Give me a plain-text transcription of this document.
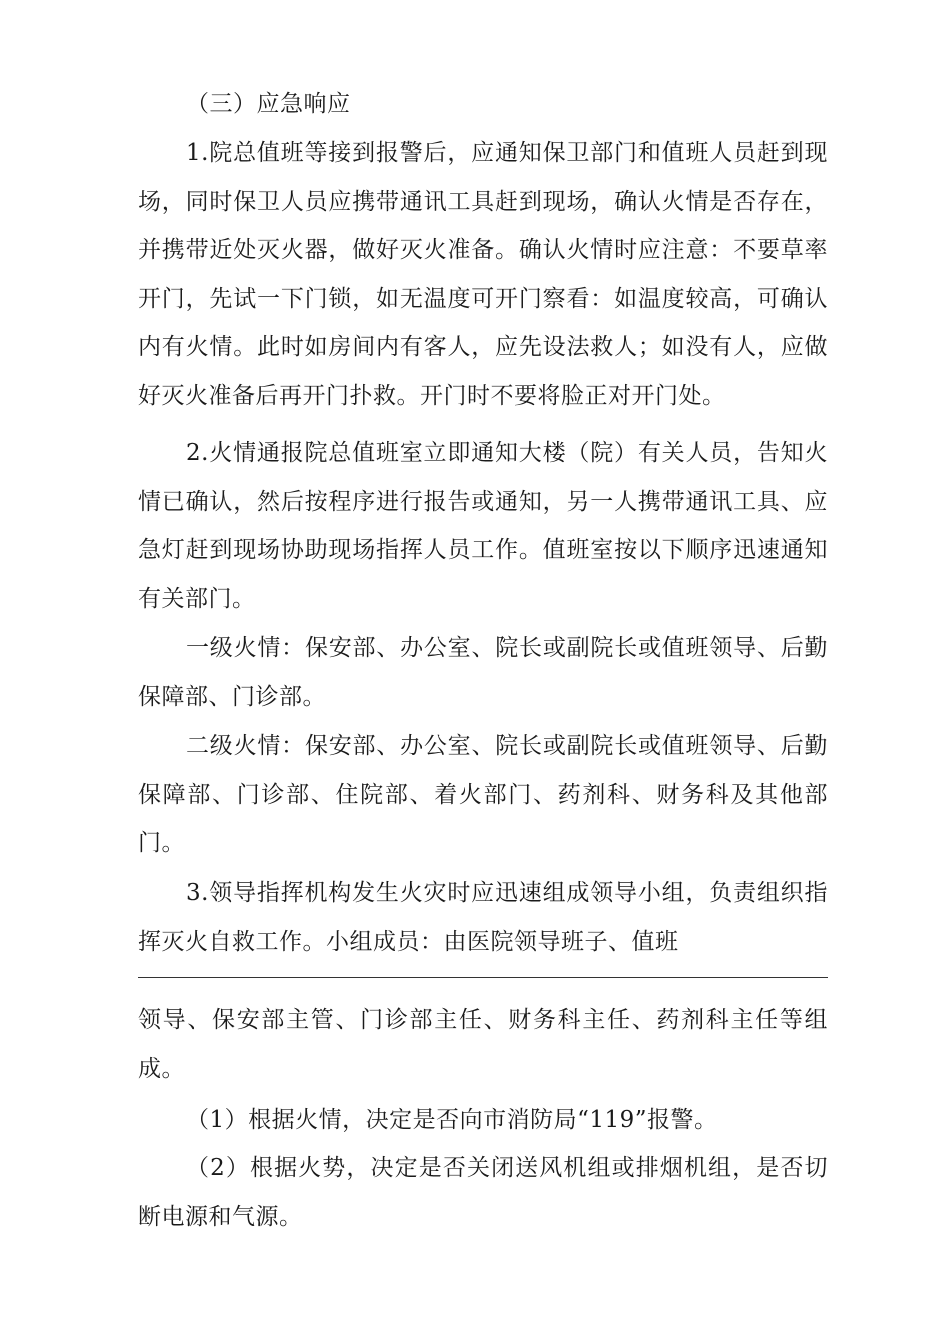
（三）应急响应

1.院总值班等接到报警后，应通知保卫部门和值班人员赶到现场，同时保卫人员应携带通讯工具赶到现场，确认火情是否存在，并携带近处灭火器，做好灭火准备。确认火情时应注意：不要草率开门，先试一下门锁，如无温度可开门察看：如温度较高，可确认内有火情。此时如房间内有客人，应先设法救人；如没有人，应做好灭火准备后再开门扑救。开门时不要将脸正对开门处。

2.火情通报院总值班室立即通知大楼（院）有关人员，告知火情已确认，然后按程序进行报告或通知，另一人携带通讯工具、应急灯赶到现场协助现场指挥人员工作。值班室按以下顺序迅速通知有关部门。

一级火情：保安部、办公室、院长或副院长或值班领导、后勤保障部、门诊部。

二级火情：保安部、办公室、院长或副院长或值班领导、后勤保障部、门诊部、住院部、着火部门、药剂科、财务科及其他部门。

3.领导指挥机构发生火灾时应迅速组成领导小组，负责组织指挥灭火自救工作。小组成员：由医院领导班子、值班

领导、保安部主管、门诊部主任、财务科主任、药剂科主任等组成。

（1）根据火情，决定是否向市消防局“119”报警。

（2）根据火势，决定是否关闭送风机组或排烟机组，是否切断电源和气源。
